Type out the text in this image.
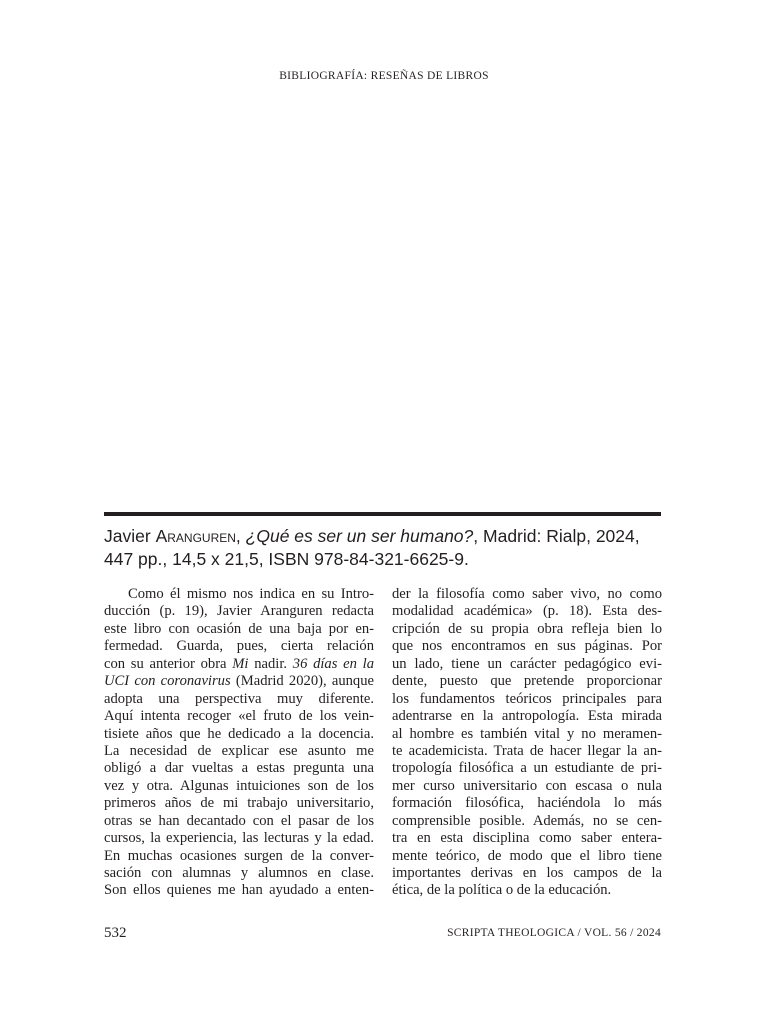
BIBLIOGRAFÍA: RESEÑAS DE LIBROS
Javier Aranguren, ¿Qué es ser un ser humano?, Madrid: Rialp, 2024,
447 pp., 14,5 x 21,5, ISBN 978-84-321-6625-9.
Como él mismo nos indica en su Intro-
ducción (p. 19), Javier Aranguren redacta
este libro con ocasión de una baja por en-
fermedad. Guarda, pues, cierta relación
con su anterior obra Mi nadir. 36 días en la
UCI con coronavirus (Madrid 2020), aunque
adopta una perspectiva muy diferente.
Aquí intenta recoger «el fruto de los vein-
tisiete años que he dedicado a la docencia.
La necesidad de explicar ese asunto me
obligó a dar vueltas a estas pregunta una
vez y otra. Algunas intuiciones son de los
primeros años de mi trabajo universitario,
otras se han decantado con el pasar de los
cursos, la experiencia, las lecturas y la edad.
En muchas ocasiones surgen de la conver-
sación con alumnas y alumnos en clase.
Son ellos quienes me han ayudado a enten-
der la filosofía como saber vivo, no como
modalidad académica» (p. 18). Esta des-
cripción de su propia obra refleja bien lo
que nos encontramos en sus páginas. Por
un lado, tiene un carácter pedagógico evi-
dente, puesto que pretende proporcionar
los fundamentos teóricos principales para
adentrarse en la antropología. Esta mirada
al hombre es también vital y no meramen-
te academicista. Trata de hacer llegar la an-
tropología filosófica a un estudiante de pri-
mer curso universitario con escasa o nula
formación filosófica, haciéndola lo más
comprensible posible. Además, no se cen-
tra en esta disciplina como saber entera-
mente teórico, de modo que el libro tiene
importantes derivas en los campos de la
ética, de la política o de la educación.
532	SCRIPTA THEOLOGICA / VOL. 56 / 2024
